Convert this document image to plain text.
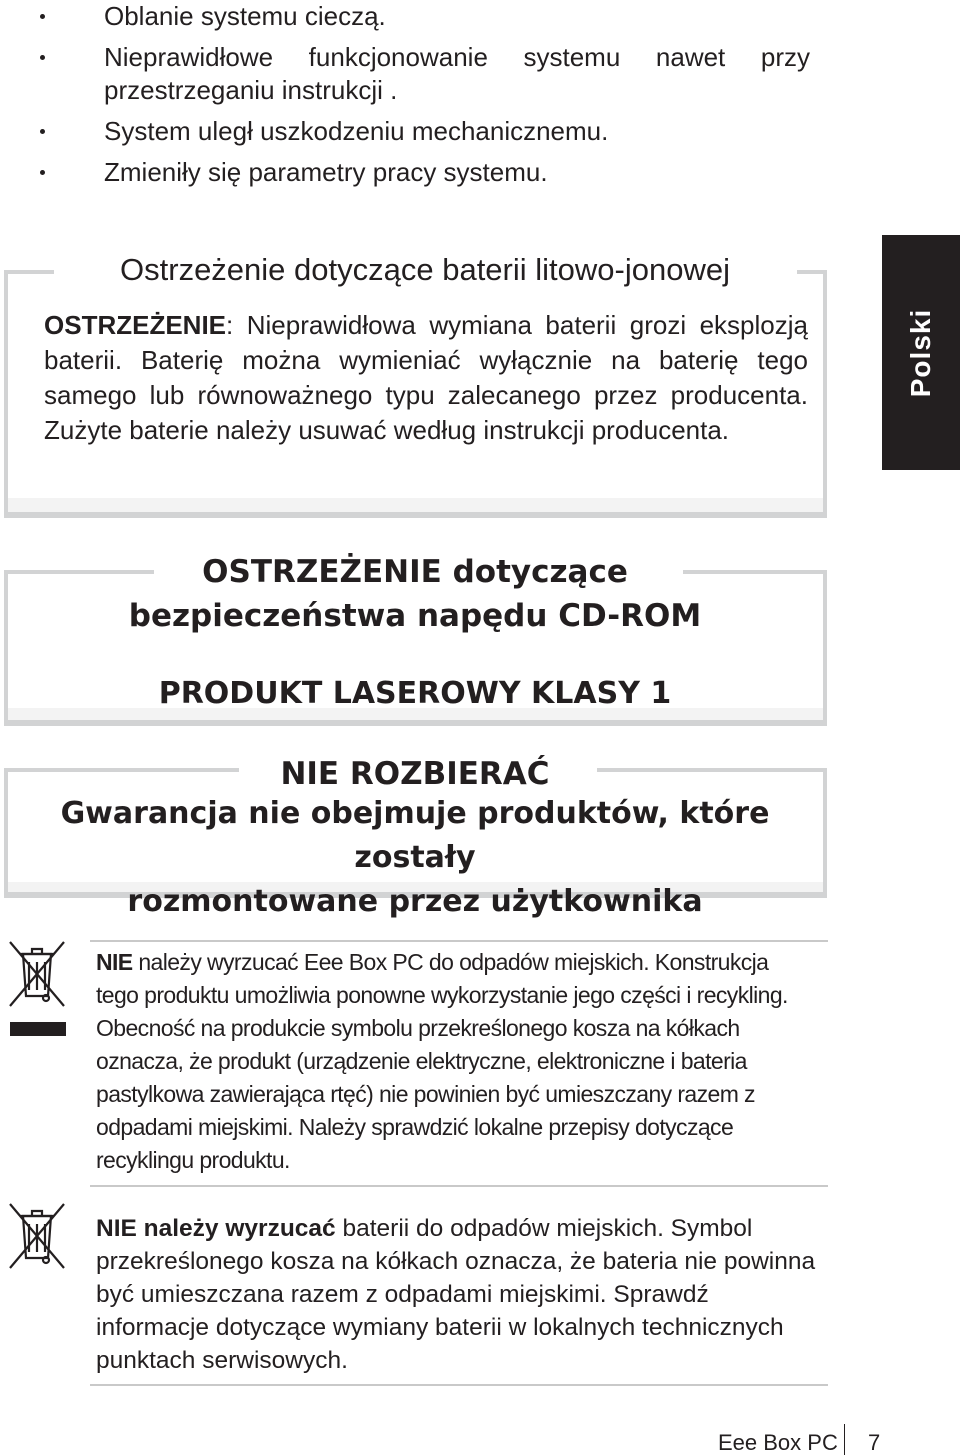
Oblanie systemu cieczą.
Nieprawidłowe funkcjonowanie systemu nawet przy przestrzeganiu instrukcji .
System uległ uszkodzeniu mechanicznemu.
Zmieniły się parametry pracy systemu.
Ostrzeżenie dotyczące baterii litowo-jonowej
OSTRZEŻENIE: Nieprawidłowa wymiana baterii grozi eksplozją baterii. Baterię można wymieniać wyłącznie na baterię tego samego lub równoważnego typu zalecanego przez producenta. Zużyte baterie należy usuwać według instrukcji producenta.
Polski
OSTRZEŻENIE dotyczące
bezpieczeństwa napędu CD-ROM
PRODUKT LASEROWY KLASY 1
NIE ROZBIERAĆ
Gwarancja nie obejmuje produktów, które zostały
rozmontowane przez użytkownika
NIE należy wyrzucać Eee Box PC do odpadów miejskich. Konstrukcja tego produktu umożliwia ponowne wykorzystanie jego części i recykling. Obecność na produkcie symbolu przekreślonego kosza na kółkach oznacza, że produkt (urządzenie elektryczne, elektroniczne i bateria pastylkowa zawierająca rtęć) nie powinien być umieszczany razem z odpadami miejskimi. Należy sprawdzić lokalne przepisy dotyczące recyklingu produktu.
NIE należy wyrzucać baterii do odpadów miejskich. Symbol przekreślonego kosza na kółkach oznacza, że bateria nie powinna być umieszczana razem z odpadami miejskimi. Sprawdź informacje dotyczące wymiany baterii w lokalnych technicznych punktach serwisowych.
Eee Box PC 7
